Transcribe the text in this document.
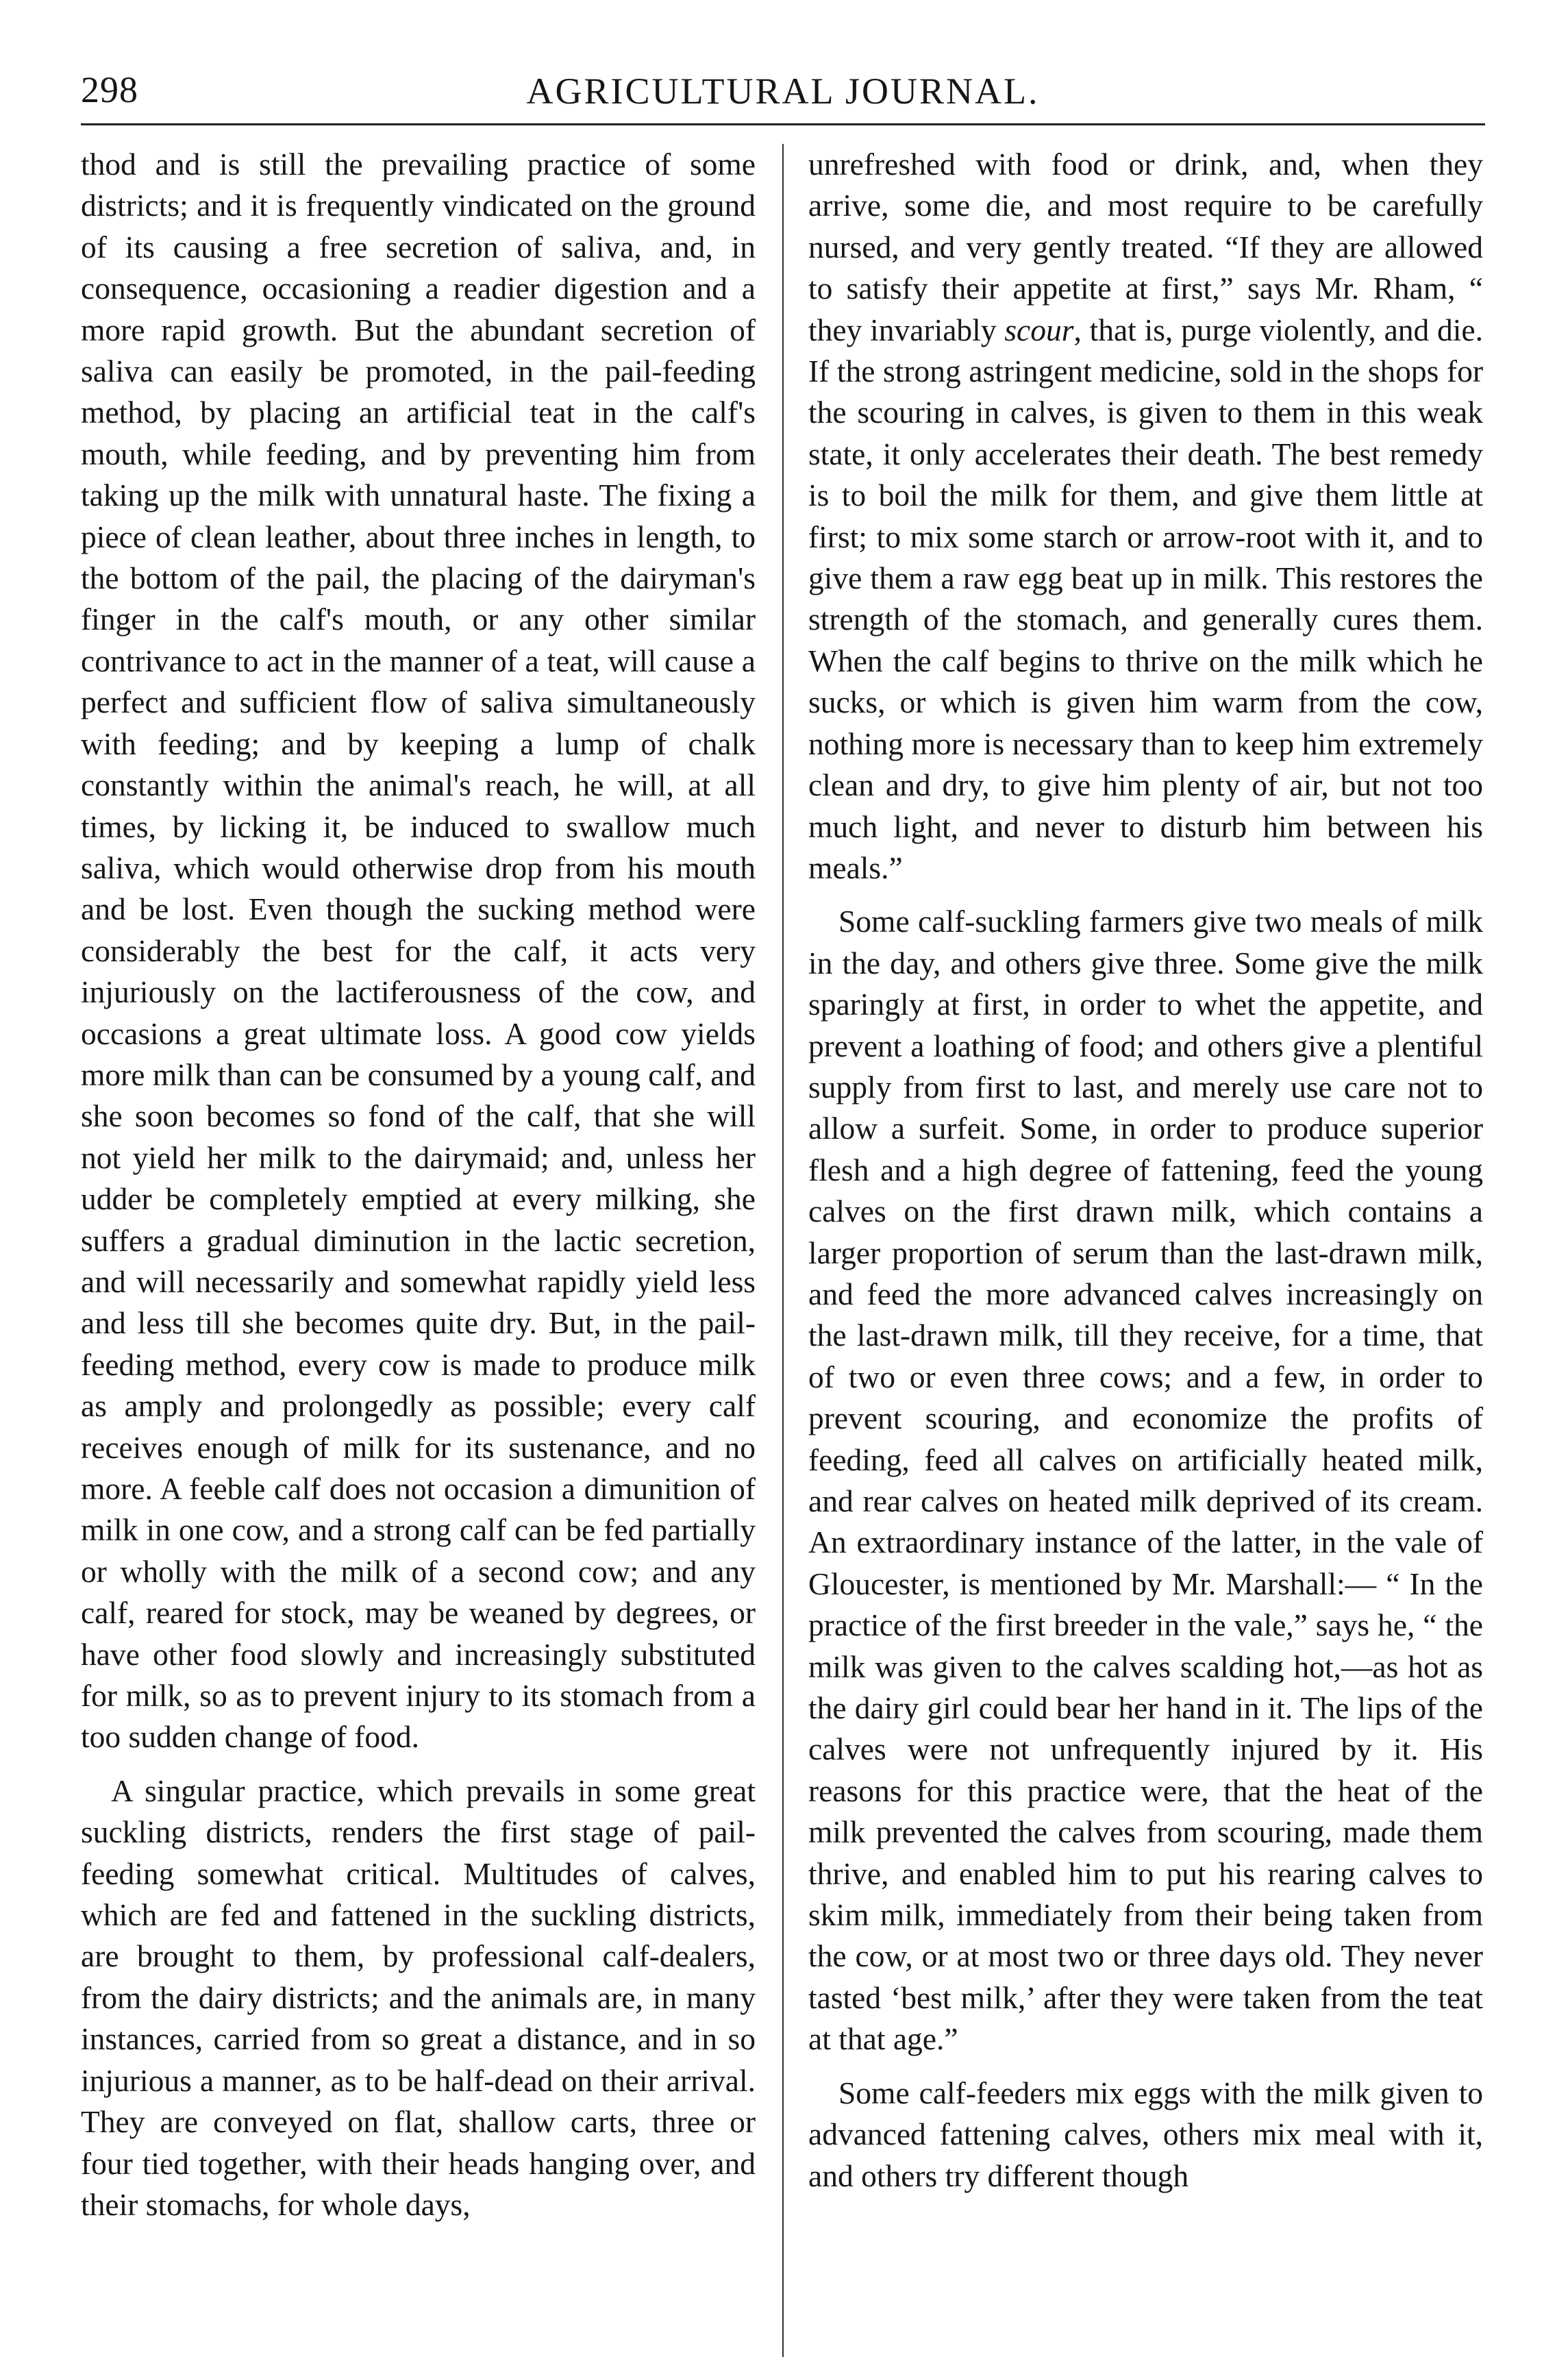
298	AGRICULTURAL JOURNAL.

thod and is still the prevailing practice of some districts; and it is frequently vindicated on the ground of its causing a free secretion of saliva, and, in consequence, occasioning a readier digestion and a more rapid growth. But the abundant secretion of saliva can easily be promoted, in the pail-feeding method, by placing an artificial teat in the calf's mouth, while feeding, and by preventing him from taking up the milk with unnatural haste. The fixing a piece of clean leather, about three inches in length, to the bottom of the pail, the placing of the dairyman's finger in the calf's mouth, or any other similar contrivance to act in the manner of a teat, will cause a perfect and sufficient flow of saliva simultaneously with feeding; and by keeping a lump of chalk constantly within the animal's reach, he will, at all times, by licking it, be induced to swallow much saliva, which would otherwise drop from his mouth and be lost. Even though the sucking method were considerably the best for the calf, it acts very injuriously on the lactiferousness of the cow, and occasions a great ultimate loss. A good cow yields more milk than can be consumed by a young calf, and she soon becomes so fond of the calf, that she will not yield her milk to the dairymaid; and, unless her udder be completely emptied at every milking, she suffers a gradual diminution in the lactic secretion, and will necessarily and somewhat rapidly yield less and less till she becomes quite dry. But, in the pail-feeding method, every cow is made to produce milk as amply and prolongedly as possible; every calf receives enough of milk for its sustenance, and no more. A feeble calf does not occasion a dimunition of milk in one cow, and a strong calf can be fed partially or wholly with the milk of a second cow; and any calf, reared for stock, may be weaned by degrees, or have other food slowly and increasingly substituted for milk, so as to prevent injury to its stomach from a too sudden change of food.

A singular practice, which prevails in some great suckling districts, renders the first stage of pail-feeding somewhat critical. Multitudes of calves, which are fed and fattened in the suckling districts, are brought to them, by professional calf-dealers, from the dairy districts; and the animals are, in many instances, carried from so great a distance, and in so injurious a manner, as to be half-dead on their arrival. They are conveyed on flat, shallow carts, three or four tied together, with their heads hanging over, and their stomachs, for whole days,

unrefreshed with food or drink, and, when they arrive, some die, and most require to be carefully nursed, and very gently treated. “If they are allowed to satisfy their appetite at first,” says Mr. Rham, “ they invariably scour, that is, purge violently, and die. If the strong astringent medicine, sold in the shops for the scouring in calves, is given to them in this weak state, it only accelerates their death. The best remedy is to boil the milk for them, and give them little at first; to mix some starch or arrow-root with it, and to give them a raw egg beat up in milk. This restores the strength of the stomach, and generally cures them. When the calf begins to thrive on the milk which he sucks, or which is given him warm from the cow, nothing more is necessary than to keep him extremely clean and dry, to give him plenty of air, but not too much light, and never to disturb him between his meals.”

Some calf-suckling farmers give two meals of milk in the day, and others give three. Some give the milk sparingly at first, in order to whet the appetite, and prevent a loathing of food; and others give a plentiful supply from first to last, and merely use care not to allow a surfeit. Some, in order to produce superior flesh and a high degree of fattening, feed the young calves on the first drawn milk, which contains a larger proportion of serum than the last-drawn milk, and feed the more advanced calves increasingly on the last-drawn milk, till they receive, for a time, that of two or even three cows; and a few, in order to prevent scouring, and economize the profits of feeding, feed all calves on artificially heated milk, and rear calves on heated milk deprived of its cream. An extraordinary instance of the latter, in the vale of Gloucester, is mentioned by Mr. Marshall:— “ In the practice of the first breeder in the vale,” says he, “ the milk was given to the calves scalding hot,—as hot as the dairy girl could bear her hand in it. The lips of the calves were not unfrequently injured by it. His reasons for this practice were, that the heat of the milk prevented the calves from scouring, made them thrive, and enabled him to put his rearing calves to skim milk, immediately from their being taken from the cow, or at most two or three days old. They never tasted ‘best milk,’ after they were taken from the teat at that age.”

Some calf-feeders mix eggs with the milk given to advanced fattening calves, others mix meal with it, and others try different though
